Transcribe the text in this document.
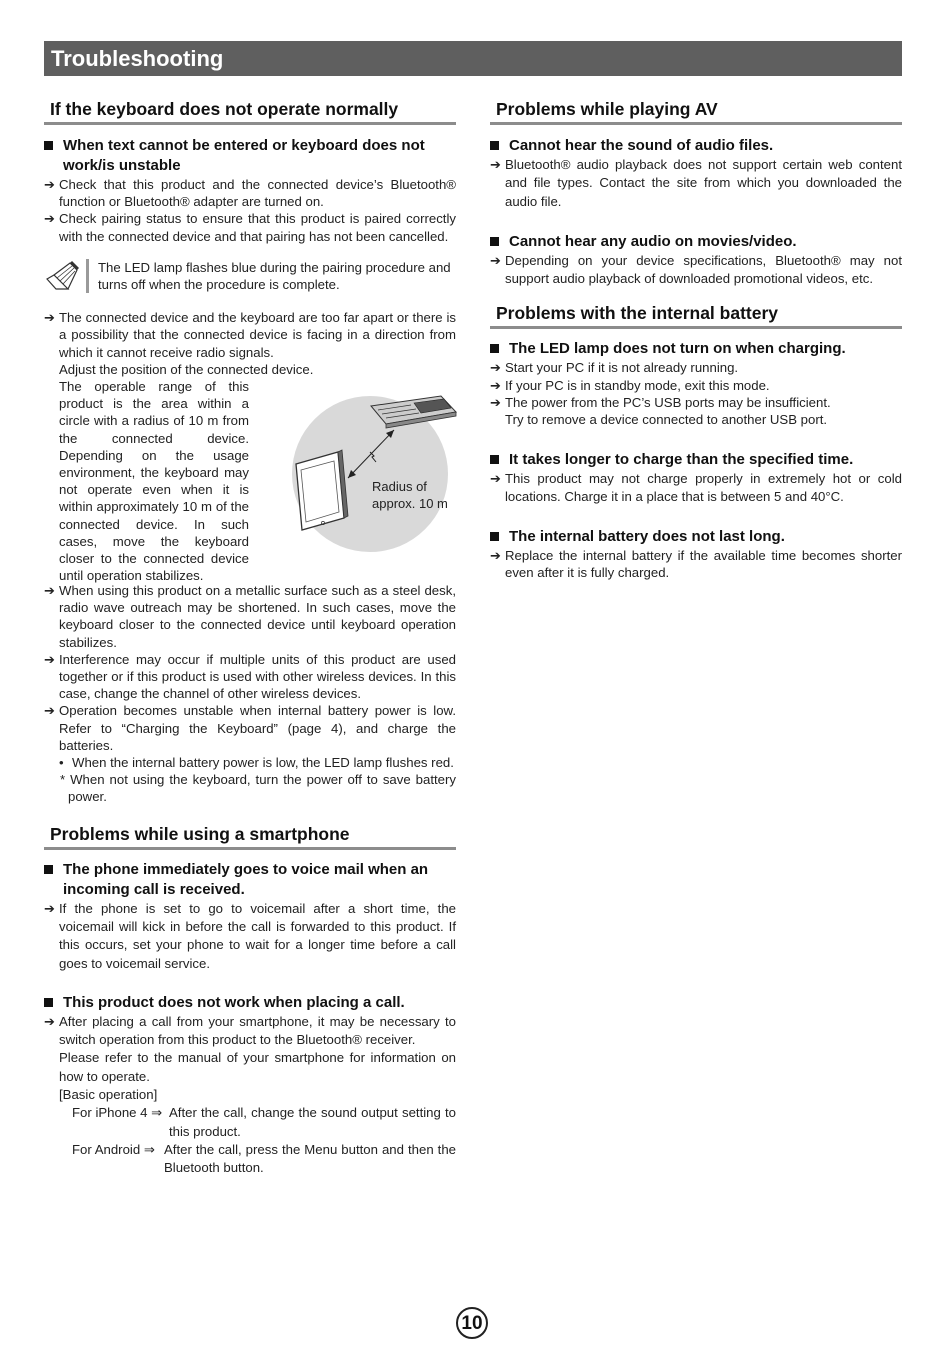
Troubleshooting
If the keyboard does not operate normally
When text cannot be entered or keyboard does not work/is unstable
➔ Check that this product and the connected device’s Bluetooth® function or Bluetooth® adapter are turned on.
➔ Check pairing status to ensure that this product is paired correctly with the connected device and that pairing has not been cancelled.
The LED lamp flashes blue during the pairing procedure and turns off when the procedure is complete.
➔ The connected device and the keyboard are too far apart or there is a possibility that the connected device is facing in a direction from which it cannot receive radio signals.
Adjust the position of the connected device.
The operable range of this product is the area within a circle with a radius of 10 m from the connected device. Depending on the usage environment, the keyboard may not operate even when it is within approximately 10 m of the connected device. In such cases, move the keyboard closer to the connected device until operation stabilizes.
Radius of
approx. 10 m
➔ When using this product on a metallic surface such as a steel desk, radio wave outreach may be shortened. In such cases, move the keyboard closer to the connected device until keyboard operation stabilizes.
➔ Interference may occur if multiple units of this product are used together or if this product is used with other wireless devices. In this case, change the channel of other wireless devices.
➔ Operation becomes unstable when internal battery power is low. Refer to “Charging the Keyboard” (page 4), and charge the batteries.
• When the internal battery power is low, the LED lamp flushes red.
* When not using the keyboard, turn the power off to save battery power.
Problems while using a smartphone
The phone immediately goes to voice mail when an incoming call is received.
➔ If the phone is set to go to voicemail after a short time, the voicemail will kick in before the call is forwarded to this product. If this occurs, set your phone to wait for a longer time before a call goes to voicemail service.
This product does not work when placing a call.
➔ After placing a call from your smartphone, it may be necessary to switch operation from this product to the Bluetooth® receiver.
Please refer to the manual of your smartphone for information on how to operate.
[Basic operation]
For iPhone 4 ⇒ After the call, change the sound output setting to this product.
For Android ⇒ After the call, press the Menu button and then the Bluetooth button.
Problems while playing AV
Cannot hear the sound of audio files.
➔ Bluetooth® audio playback does not support certain web content and file types. Contact the site from which you downloaded the audio file.
Cannot hear any audio on movies/video.
➔ Depending on your device specifications, Bluetooth® may not support audio playback of downloaded promotional videos, etc.
Problems with the internal battery
The LED lamp does not turn on when charging.
➔ Start your PC if it is not already running.
➔ If your PC is in standby mode, exit this mode.
➔ The power from the PC’s USB ports may be insufficient.
Try to remove a device connected to another USB port.
It takes longer to charge than the specified time.
➔ This product may not charge properly in extremely hot or cold locations. Charge it in a place that is between 5 and 40°C.
The internal battery does not last long.
➔ Replace the internal battery if the available time becomes shorter even after it is fully charged.
10
